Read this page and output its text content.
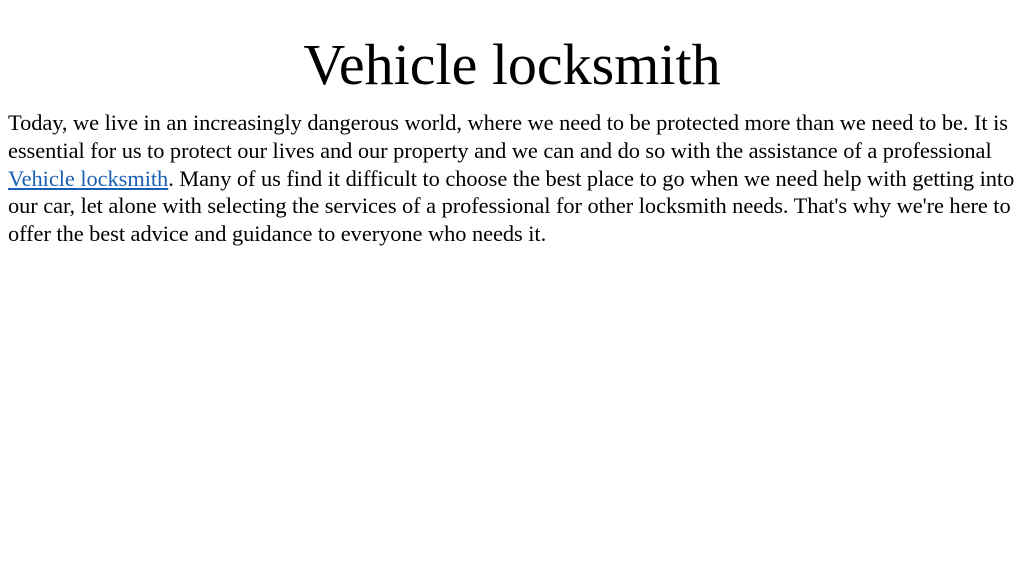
Vehicle locksmith

Today, we live in an increasingly dangerous world, where we need to be protected more than we need to be. It is essential for us to protect our lives and our property and we can and do so with the assistance of a professional Vehicle locksmith. Many of us find it difficult to choose the best place to go when we need help with getting into our car, let alone with selecting the services of a professional for other locksmith needs. That's why we're here to offer the best advice and guidance to everyone who needs it.
